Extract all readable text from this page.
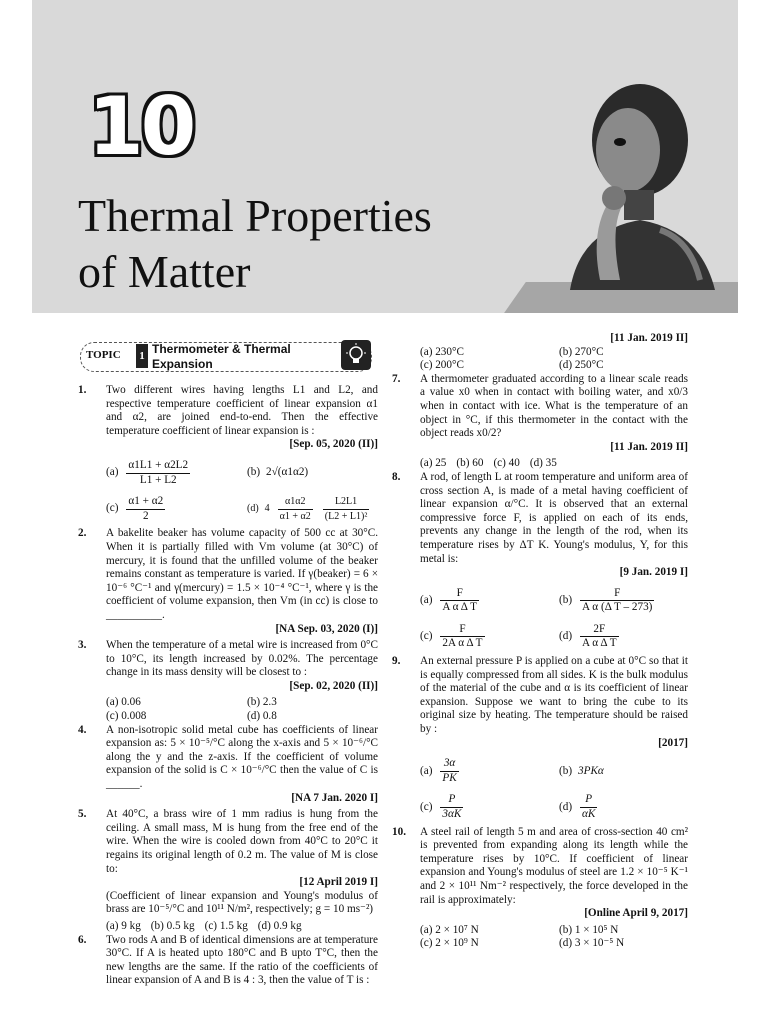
10
Thermal Properties
of Matter
TOPIC 1 Thermometer & Thermal Expansion
1. Two different wires having lengths L1 and L2, and respective temperature coefficient of linear expansion α1 and α2, are joined end-to-end. Then the effective temperature coefficient of linear expansion is :
[Sep. 05, 2020 (II)]
$(a) \frac{\alpha 1L1 + \alpha 2L2}{L1 + L2}$	(b) 2√(α1α2)
$(c) \frac{\alpha 1 + \alpha 2}{2}$	(d) $4 \frac{\alpha 1\alpha 2}{\alpha 1 + \alpha 2} \frac{L2L1}{\text{(L2 + L1)²}}$
2. A bakelite beaker has volume capacity of 500 cc at 30°C. When it is partially filled with Vm volume (at 30°C) of mercury, it is found that the unfilled volume of the beaker remains constant as temperature is varied. If γ(beaker) = 6 × 10⁻⁶ °C⁻¹ and γ(mercury) = 1.5 × 10⁻⁴ °C⁻¹, where γ is the coefficient of volume expansion, then Vm (in cc) is close to __________.
[NA Sep. 03, 2020 (I)]
3. When the temperature of a metal wire is increased from 0°C to 10°C, its length increased by 0.02%. The percentage change in its mass density will be closest to :
[Sep. 02, 2020 (II)]
(a) 0.06	(b) 2.3
(c) 0.008	(d) 0.8
4. A non-isotropic solid metal cube has coefficients of linear expansion as: 5 × 10⁻⁵/°C along the x-axis and 5 × 10⁻⁶/°C along the y and the z-axis. If the coefficient of volume expansion of the solid is C × 10⁻⁶/°C then the value of C is ______.
[NA 7 Jan. 2020 I]
5. At 40°C, a brass wire of 1 mm radius is hung from the ceiling. A small mass, M is hung from the free end of the wire. When the wire is cooled down from 40°C to 20°C it regains its original length of 0.2 m. The value of M is close to:
[12 April 2019 I]
(Coefficient of linear expansion and Young's modulus of brass are 10⁻⁵/°C and 10¹¹ N/m², respectively; g = 10 ms⁻²)
(a) 9 kg (b) 0.5 kg (c) 1.5 kg (d) 0.9 kg
6. Two rods A and B of identical dimensions are at temperature 30°C. If A is heated upto 180°C and B upto T°C, then the new lengths are the same. If the ratio of the coefficients of linear expansion of A and B is 4 : 3, then the value of T is :
[11 Jan. 2019 II]
(a) 230°C	(b) 270°C
(c) 200°C	(d) 250°C
7. A thermometer graduated according to a linear scale reads a value x0 when in contact with boiling water, and x0/3 when in contact with ice. What is the temperature of an object in °C, if this thermometer in the contact with the object reads x0/2?
[11 Jan. 2019 II]
(a) 25 (b) 60 (c) 40 (d) 35
8. A rod, of length L at room temperature and uniform area of cross section A, is made of a metal having coefficient of linear expansion α/°C. It is observed that an external compressive force F, is applied on each of its ends, prevents any change in the length of the rod, when its temperature rises by ΔT K. Young's modulus, Y, for this metal is:
[9 Jan. 2019 I]
$(a) \frac{F}{\text{A α Δ T}}$	$(b) \frac{F}{\text{A α (Δ T – 273)}}$
$(c) \frac{F}{\text{2A α Δ T}}$	$(d) \frac{2F}{\text{A α Δ T}}$
9. An external pressure P is applied on a cube at 0°C so that it is equally compressed from all sides. K is the bulk modulus of the material of the cube and α is its coefficient of linear expansion. Suppose we want to bring the cube to its original size by heating. The temperature should be raised by :
[2017]
$(a) \frac{3\alpha}{PK}$	(b) 3PKα
$(c) \frac{P}{3\alpha K}$	$(d) \frac{P}{\alpha K}$
10. A steel rail of length 5 m and area of cross-section 40 cm² is prevented from expanding along its length while the temperature rises by 10°C. If coefficient of linear expansion and Young's modulus of steel are 1.2 × 10⁻⁵ K⁻¹ and 2 × 10¹¹ Nm⁻² respectively, the force developed in the rail is approximately:
[Online April 9, 2017]
(a) 2 × 10⁷ N	(b) 1 × 10⁵ N
(c) 2 × 10⁹ N	(d) 3 × 10⁻⁵ N
